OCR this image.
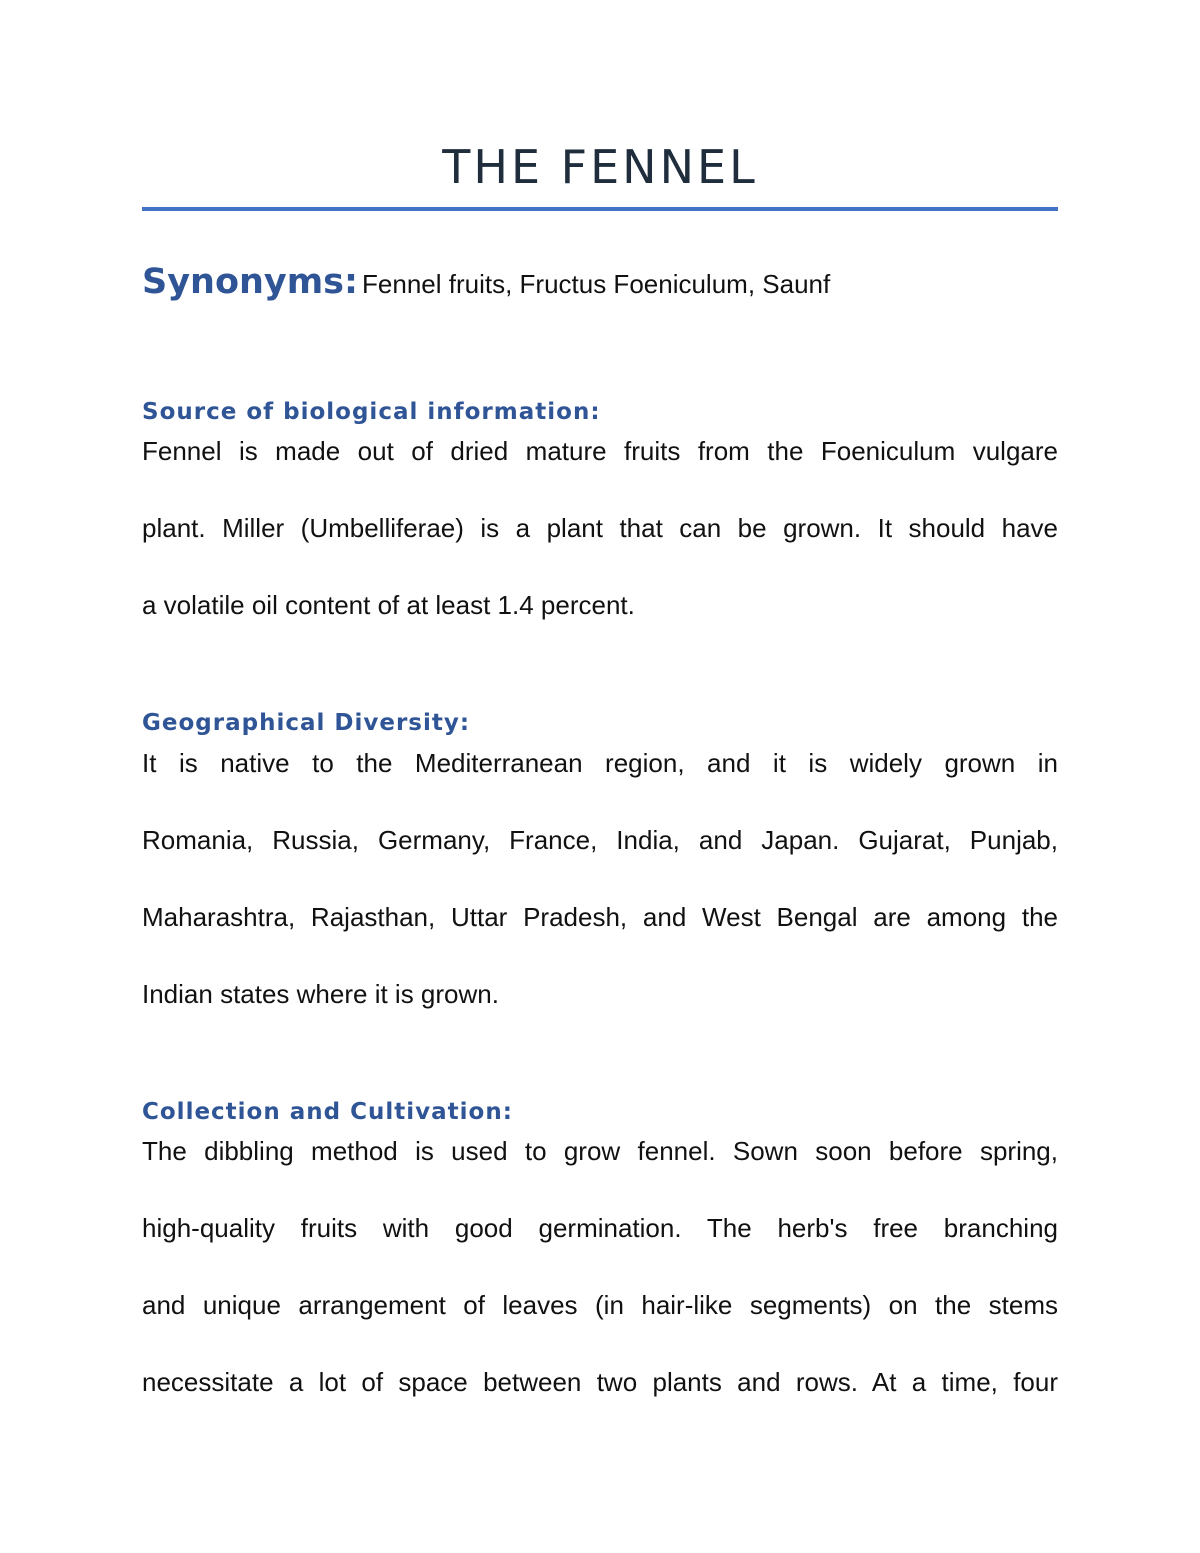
THE FENNEL
Synonyms: Fennel fruits, Fructus Foeniculum, Saunf
Source of biological information:
Fennel is made out of dried mature fruits from the Foeniculum vulgare
plant. Miller (Umbelliferae) is a plant that can be grown. It should have
a volatile oil content of at least 1.4 percent.
Geographical Diversity:
It is native to the Mediterranean region, and it is widely grown in
Romania, Russia, Germany, France, India, and Japan. Gujarat, Punjab,
Maharashtra, Rajasthan, Uttar Pradesh, and West Bengal are among the
Indian states where it is grown.
Collection and Cultivation:
The dibbling method is used to grow fennel. Sown soon before spring,
high-quality fruits with good germination. The herb's free branching
and unique arrangement of leaves (in hair-like segments) on the stems
necessitate a lot of space between two plants and rows. At a time, four
